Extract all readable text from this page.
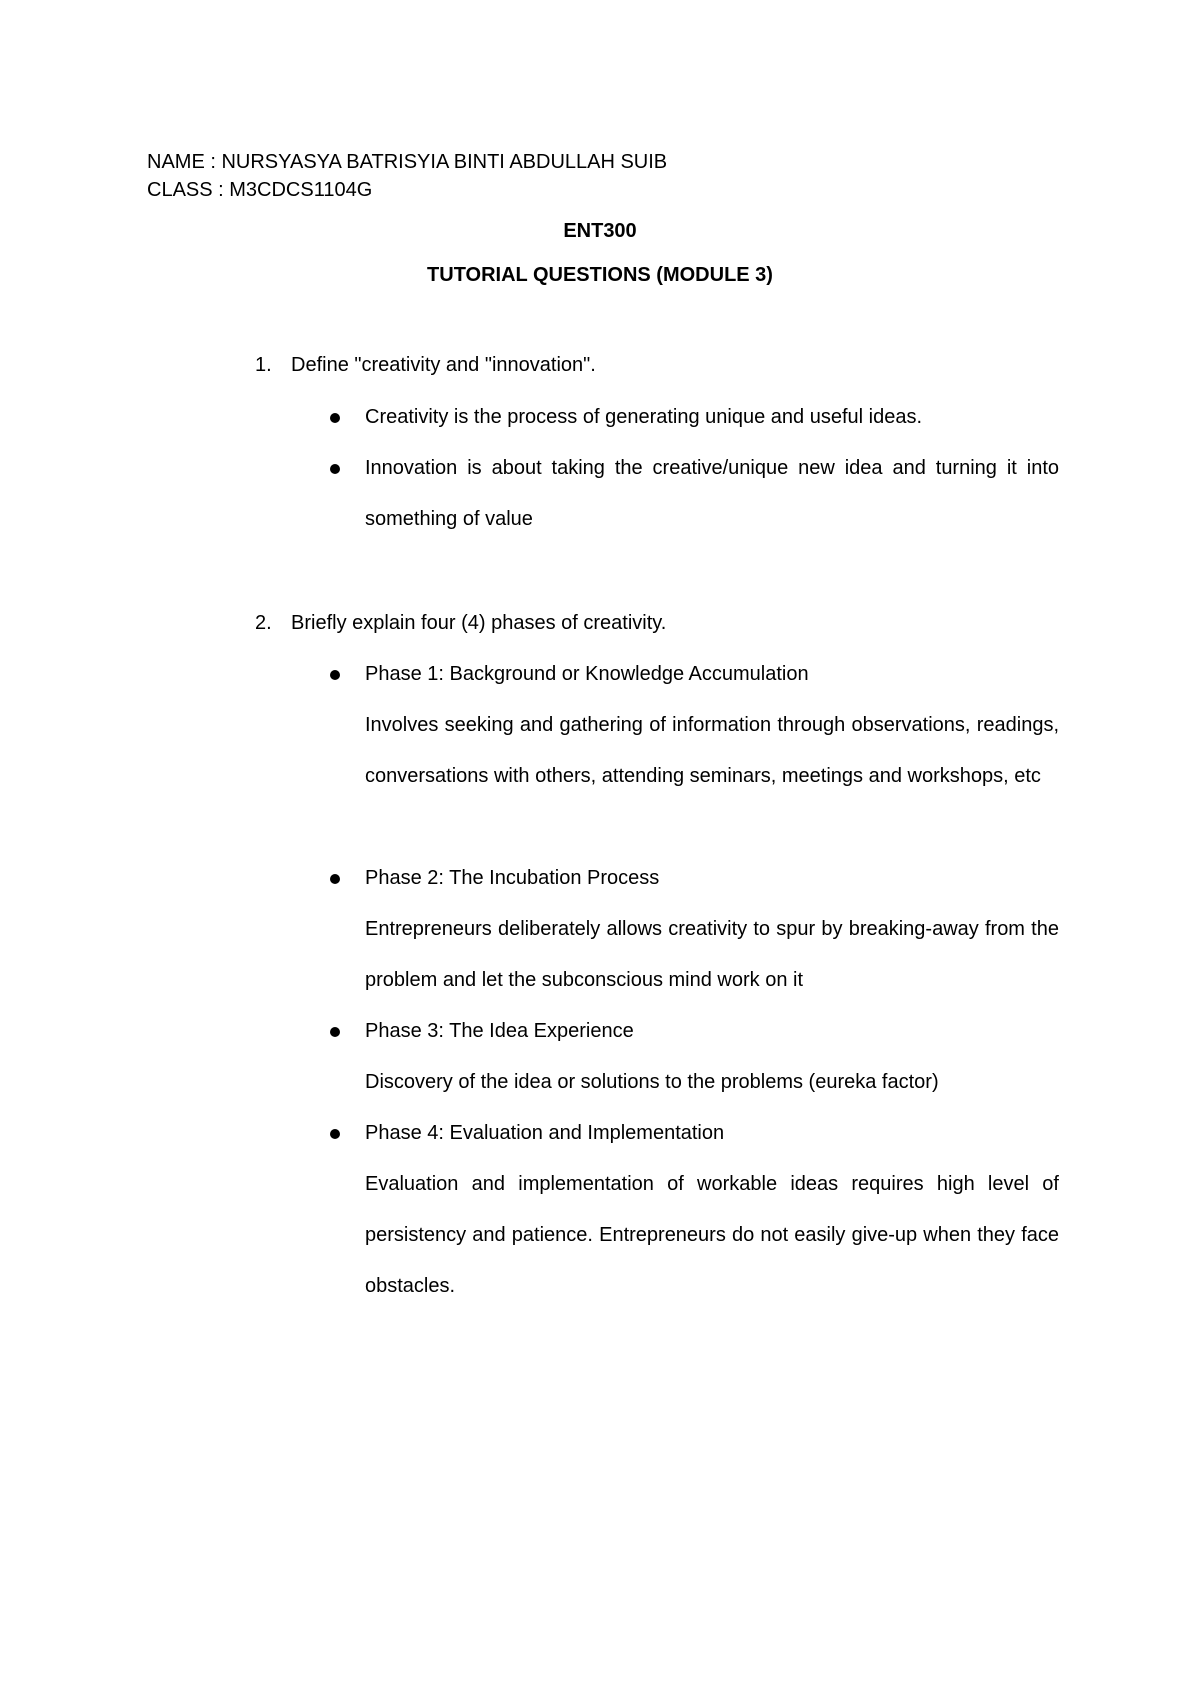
NAME : NURSYASYA BATRISYIA BINTI ABDULLAH SUIB
CLASS : M3CDCS1104G
ENT300
TUTORIAL QUESTIONS (MODULE 3)
1. Define "creativity and "innovation".
Creativity is the process of generating unique and useful ideas.
Innovation is about taking the creative/unique new idea and turning it into something of value
2. Briefly explain four (4) phases of creativity.
Phase 1: Background or Knowledge Accumulation
Involves seeking and gathering of information through observations, readings, conversations with others, attending seminars, meetings and workshops, etc
Phase 2: The Incubation Process
Entrepreneurs deliberately allows creativity to spur by breaking-away from the problem and let the subconscious mind work on it
Phase 3: The Idea Experience
Discovery of the idea or solutions to the problems (eureka factor)
Phase 4: Evaluation and Implementation
Evaluation and implementation of workable ideas requires high level of persistency and patience. Entrepreneurs do not easily give-up when they face obstacles.
